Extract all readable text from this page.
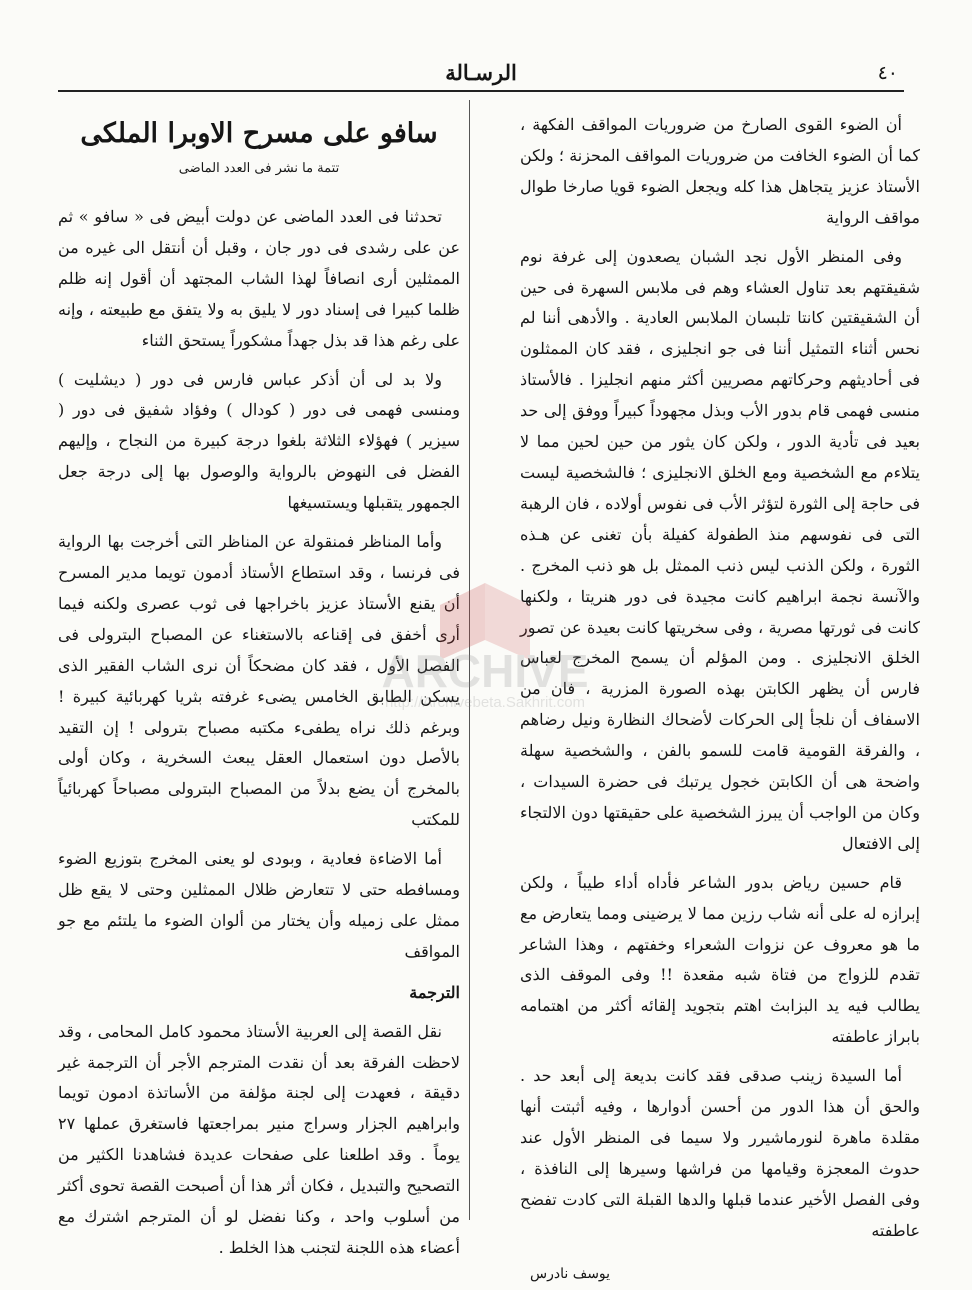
الرسـالة	٤٠

أن الضوء القوى الصارخ من ضروريات المواقف الفكهة ، كما أن الضوء الخافت من ضروريات المواقف المحزنة ؛ ولكن الأستاذ عزيز يتجاهل هذا كله ويجعل الضوء قويا صارخا طوال مواقف الرواية

وفى المنظر الأول نجد الشبان يصعدون إلى غرفة نوم شقيقتهم بعد تناول العشاء وهم فى ملابس السهرة فى حين أن الشقيقتين كانتا تلبسان الملابس العادية . والأدهى أننا لم نحس أثناء التمثيل أننا فى جو انجليزى ، فقد كان الممثلون فى أحاديثهم وحركاتهم مصريين أكثر منهم انجليزا . فالأستاذ منسى فهمى قام بدور الأب وبذل مجهوداً كبيراً ووفق إلى حد بعيد فى تأدية الدور ، ولكن كان يثور من حين لحين مما لا يتلاءم مع الشخصية ومع الخلق الانجليزى ؛ فالشخصية ليست فى حاجة إلى الثورة لتؤثر الأب فى نفوس أولاده ، فان الرهبة التى فى نفوسهم منذ الطفولة كفيلة بأن تغنى عن هـذه الثورة ، ولكن الذنب ليس ذنب الممثل بل هو ذنب المخرج . والآنسة نجمة ابراهيم كانت مجيدة فى دور هنريتا ، ولكنها كانت فى ثورتها مصرية ، وفى سخريتها كانت بعيدة عن تصور الخلق الانجليزى . ومن المؤلم أن يسمح المخرج لعباس فارس أن يظهر الكابتن بهذه الصورة المزرية ، فان من الاسفاف أن نلجأ إلى الحركات لأضحاك النظارة ونيل رضاهم ، والفرقة القومية قامت للسمو بالفن ، والشخصية سهلة واضحة هى أن الكابتن خجول يرتبك فى حضرة السيدات ، وكان من الواجب أن يبرز الشخصية على حقيقتها دون الالتجاء إلى الافتعال

قام حسين رياض بدور الشاعر فأداه أداء طيباً ، ولكن إبرازه له على أنه شاب رزين مما لا يرضينى ومما يتعارض مع ما هو معروف عن نزوات الشعراء وخفتهم ، وهذا الشاعر تقدم للزواج من فتاة شبه مقعدة !! وفى الموقف الذى يطالب فيه يد البزابث اهتم بتجويد إلقائه أكثر من اهتمامه بابراز عاطفته

أما السيدة زينب صدقى فقد كانت بديعة إلى أبعد حد . والحق أن هذا الدور من أحسن أدوارها ، وفيه أثبتت أنها مقلدة ماهرة لنورماشيرر ولا سيما فى المنظر الأول عند حدوث المعجزة وقيامها من فراشها وسيرها إلى النافذة ، وفى الفصل الأخير عندما قبلها والدها القبلة التى كادت تفضح عاطفته

يوسف نادرس

سافو على مسرح الاوبرا الملكى
تتمة ما نشر فى العدد الماضى

تحدثنا فى العدد الماضى عن دولت أبيض فى « سافو » ثم عن على رشدى فى دور جان ، وقبل أن أنتقل الى غيره من الممثلين أرى انصافاً لهذا الشاب المجتهد أن أقول إنه ظلم ظلما كبيرا فى إسناد دور لا يليق به ولا يتفق مع طبيعته ، وإنه على رغم هذا قد بذل جهداً مشكوراً يستحق الثناء

ولا بد لى أن أذكر عباس فارس فى دور ( ديشليت ) ومنسى فهمى فى دور ( كودال ) وفؤاد شفيق فى دور ( سيزير ) فهؤلاء الثلاثة بلغوا درجة كبيرة من النجاح ، وإليهم الفضل فى النهوض بالرواية والوصول بها إلى درجة جعل الجمهور يتقبلها ويستسيغها

وأما المناظر فمنقولة عن المناظر التى أخرجت بها الرواية فى فرنسا ، وقد استطاع الأستاذ أدمون تويما مدير المسرح أن يقنع الأستاذ عزيز باخراجها فى ثوب عصرى ولكنه فيما أرى أخفق فى إقناعه بالاستغناء عن المصباح البترولى فى الفصل الأول ، فقد كان مضحكاً أن نرى الشاب الفقير الذى يسكن الطابق الخامس يضىء غرفته بثريا كهربائية كبيرة ! وبرغم ذلك نراه يطفىء مكتبه مصباح بترولى ! إن التقيد بالأصل دون استعمال العقل يبعث السخرية ، وكان أولى بالمخرج أن يضع بدلاً من المصباح البترولى مصباحاً كهربائياً للمكتب

أما الاضاءة فعادية ، وبودى لو يعنى المخرج بتوزيع الضوء ومسافطه حتى لا تتعارض ظلال الممثلين وحتى لا يقع ظل ممثل على زميله وأن يختار من ألوان الضوء ما يلتئم مع جو المواقف

الترجمة

نقل القصة إلى العربية الأستاذ محمود كامل المحامى ، وقد لاحظت الفرقة بعد أن نقدت المترجم الأجر أن الترجمة غير دقيقة ، فعهدت إلى لجنة مؤلفة من الأساتذة ادمون تويما وابراهيم الجزار وسراج منير بمراجعتها فاستغرق عملها ٢٧ يوماً . وقد اطلعنا على صفحات عديدة فشاهدنا الكثير من التصحيح والتبديل ، فكان أثر هذا أن أصبحت القصة تحوى أكثر من أسلوب واحد ، وكنا نفضل لو أن المترجم اشترك مع أعضاء هذه اللجنة لتجنب هذا الخلط .

ARCHIVE
http://Archivebeta.Sakhrit.com
